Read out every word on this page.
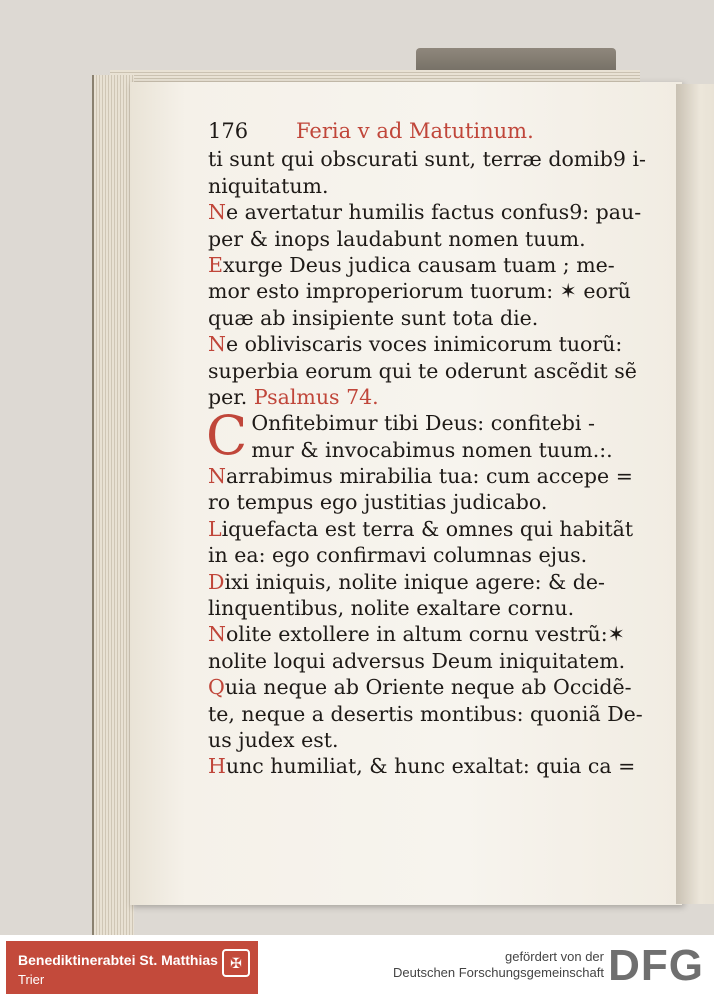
176 Feria v ad Matutinum.
ti sunt qui obscurati sunt, terræ domib9 i-
niquitatum.
Ne avertatur humilis factus confus9: pau-
per & inops laudabunt nomen tuum.
Exurge Deus judica causam tuam ; me-
mor esto improperiorum tuorum: ✶ eorũ
quæ ab insipiente sunt tota die.
Ne obliviscaris voces inimicorum tuorũ:
superbia eorum qui te oderunt ascẽdit sẽ
per. Psalmus 74.
C Onfitebimur tibi Deus: confitebi -
mur & invocabimus nomen tuum.:.
Narrabimus mirabilia tua: cum accepe =
ro tempus ego justitias judicabo.
Liquefacta est terra & omnes qui habitãt
in ea: ego confirmavi columnas ejus.
Dixi iniquis, nolite inique agere: & de-
linquentibus, nolite exaltare cornu.
Nolite extollere in altum cornu vestrũ:✶
nolite loqui adversus Deum iniquitatem.
Quia neque ab Oriente neque ab Occidẽ-
te, neque a desertis montibus: quoniã De-
us judex est.
Hunc humiliat, & hunc exaltat: quia ca =
Benediktinerabtei St. Matthias
Trier
✠	gefördert von der
Deutschen Forschungsgemeinschaft DFG
